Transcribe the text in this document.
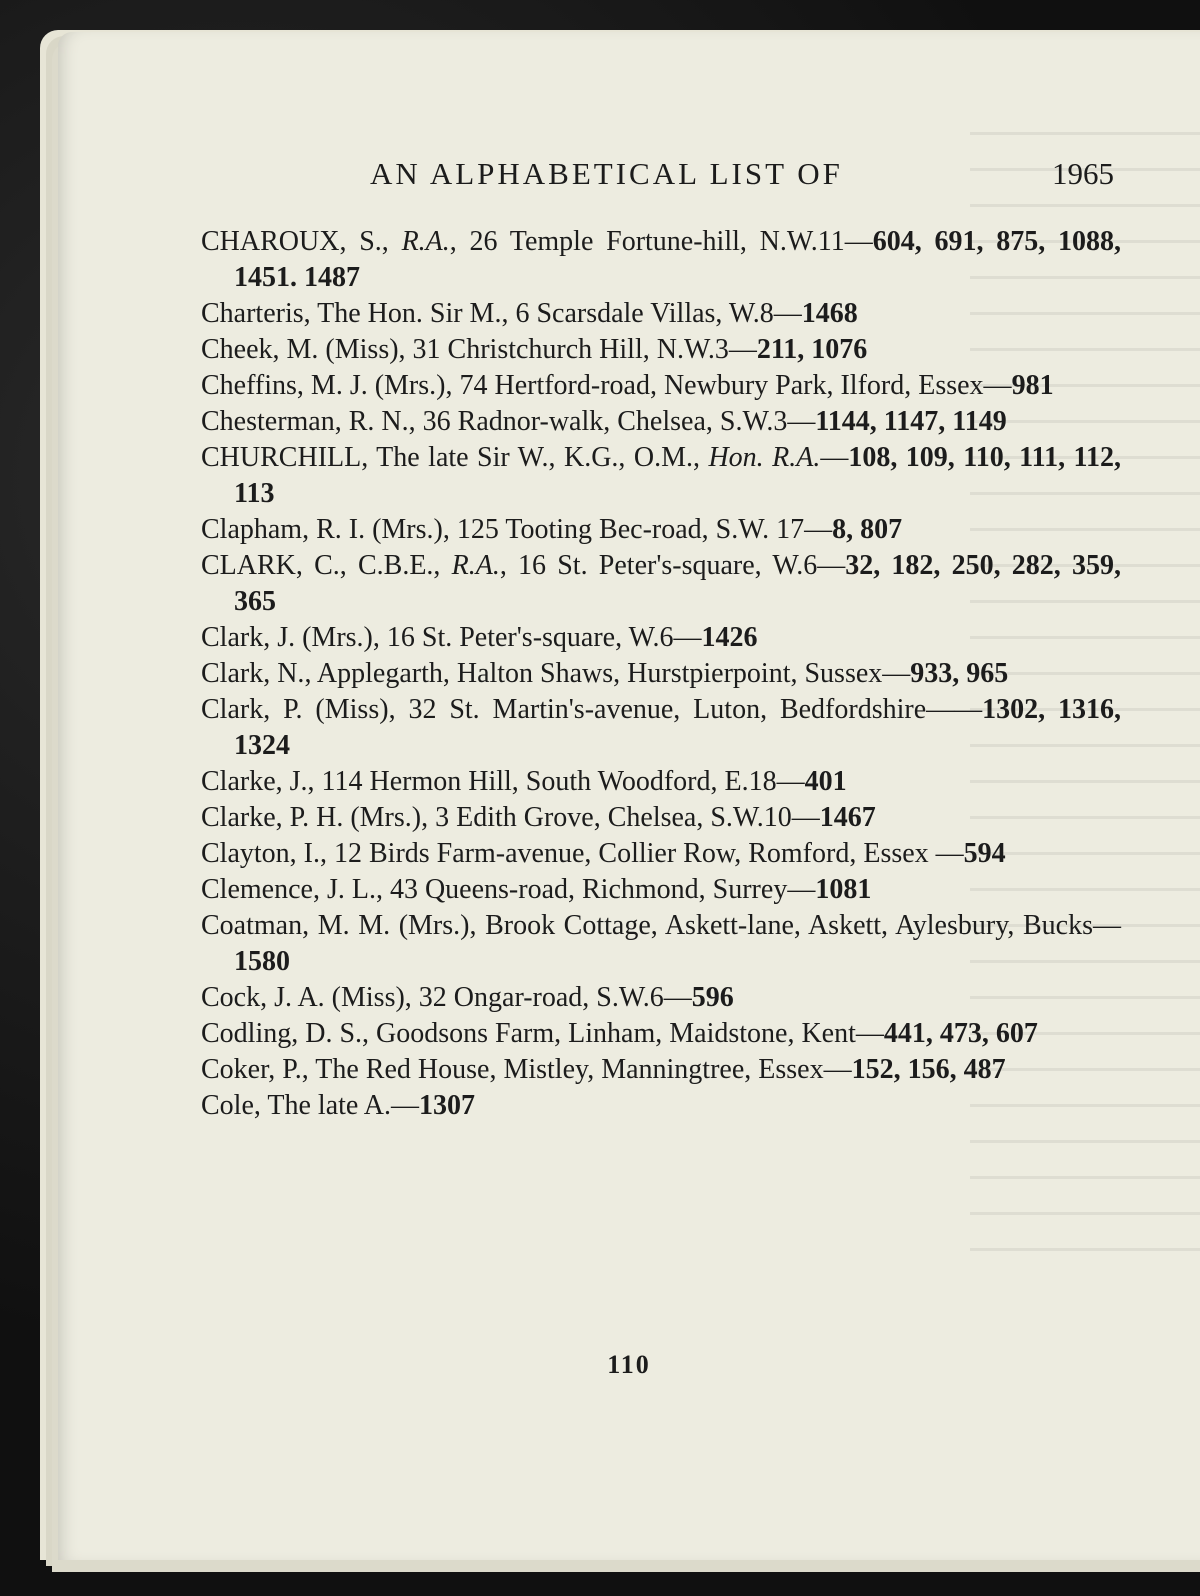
AN ALPHABETICAL LIST OF	1965
CHAROUX, S., R.A., 26 Temple Fortune-hill, N.W.11—604, 691, 875, 1088, 1451. 1487
Charteris, The Hon. Sir M., 6 Scarsdale Villas, W.8—1468
Cheek, M. (Miss), 31 Christchurch Hill, N.W.3—211, 1076
Cheffins, M. J. (Mrs.), 74 Hertford-road, Newbury Park, Ilford, Essex—981
Chesterman, R. N., 36 Radnor-walk, Chelsea, S.W.3—1144, 1147, 1149
CHURCHILL, The late Sir W., K.G., O.M., Hon. R.A.—108, 109, 110, 111, 112, 113
Clapham, R. I. (Mrs.), 125 Tooting Bec-road, S.W. 17—8, 807
CLARK, C., C.B.E., R.A., 16 St. Peter's-square, W.6—32, 182, 250, 282, 359, 365
Clark, J. (Mrs.), 16 St. Peter's-square, W.6—1426
Clark, N., Applegarth, Halton Shaws, Hurstpierpoint, Sussex—933, 965
Clark, P. (Miss), 32 St. Martin's-avenue, Luton, Bedfordshire——1302, 1316, 1324
Clarke, J., 114 Hermon Hill, South Woodford, E.18—401
Clarke, P. H. (Mrs.), 3 Edith Grove, Chelsea, S.W.10—1467
Clayton, I., 12 Birds Farm-avenue, Collier Row, Romford, Essex —594
Clemence, J. L., 43 Queens-road, Richmond, Surrey—1081
Coatman, M. M. (Mrs.), Brook Cottage, Askett-lane, Askett, Aylesbury, Bucks—1580
Cock, J. A. (Miss), 32 Ongar-road, S.W.6—596
Codling, D. S., Goodsons Farm, Linham, Maidstone, Kent—441, 473, 607
Coker, P., The Red House, Mistley, Manningtree, Essex—152, 156, 487
Cole, The late A.—1307
110
